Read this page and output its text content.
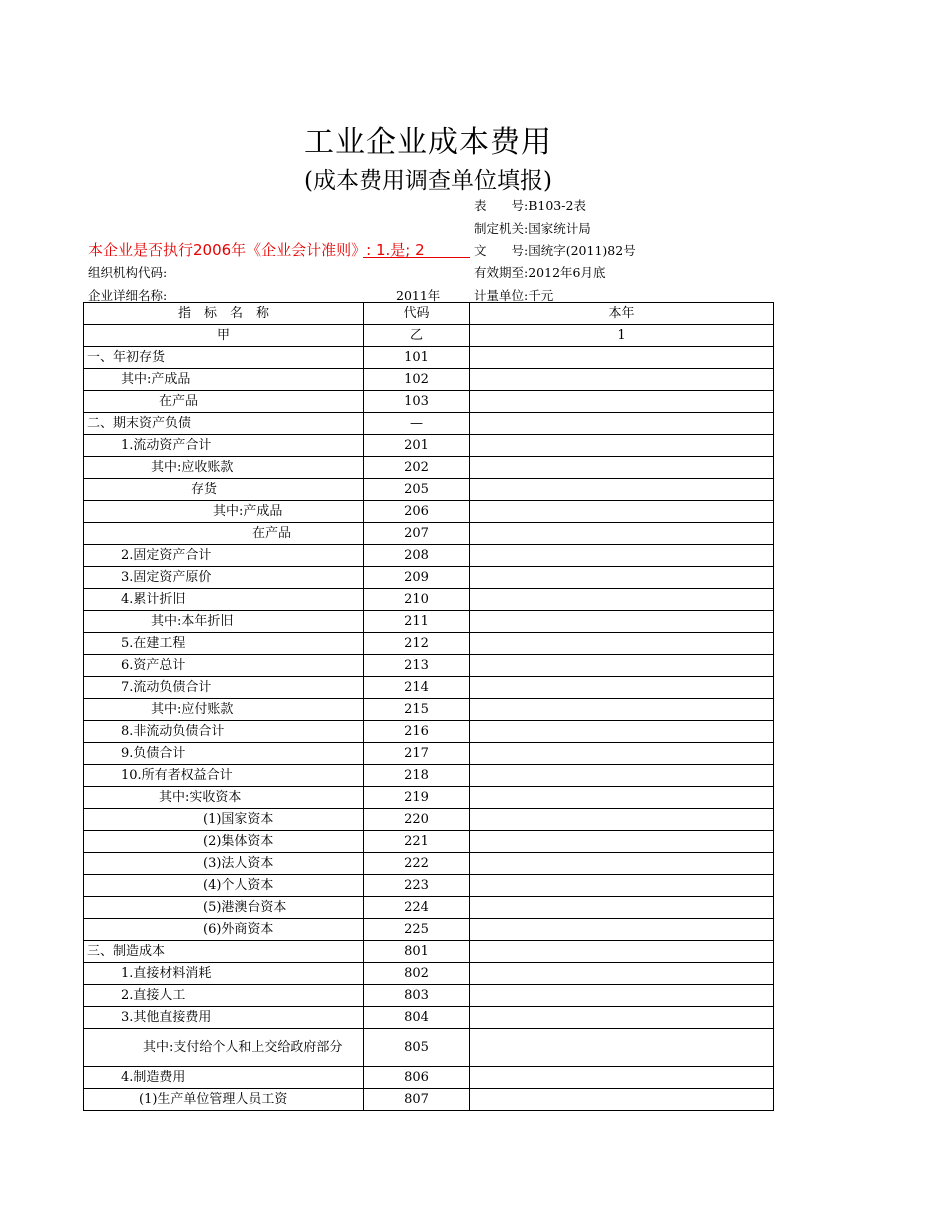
工业企业成本费用
(成本费用调查单位填报)
表　　号:B103-2表
制定机关:国家统计局
本企业是否执行2006年《企业会计准则》: 1.是; 2	文　　号:国统字(2011)82号
组织机构代码:	有效期至:2012年6月底
企业详细名称:	2011年	计量单位:千元
指　标　名　称	代码	本年
甲	乙	1
一、年初存货	101	
其中:产成品	102	
在产品	103	
二、期末资产负债	—	
1.流动资产合计	201	
其中:应收账款	202	
存货	205	
其中:产成品	206	
在产品	207	
2.固定资产合计	208	
3.固定资产原价	209	
4.累计折旧	210	
其中:本年折旧	211	
5.在建工程	212	
6.资产总计	213	
7.流动负债合计	214	
其中:应付账款	215	
8.非流动负债合计	216	
9.负债合计	217	
10.所有者权益合计	218	
其中:实收资本	219	
(1)国家资本	220	
(2)集体资本	221	
(3)法人资本	222	
(4)个人资本	223	
(5)港澳台资本	224	
(6)外商资本	225	
三、制造成本	801	
1.直接材料消耗	802	
2.直接人工	803	
3.其他直接费用	804	
其中:支付给个人和上交给政府部分	805	
4.制造费用	806	
(1)生产单位管理人员工资	807	
